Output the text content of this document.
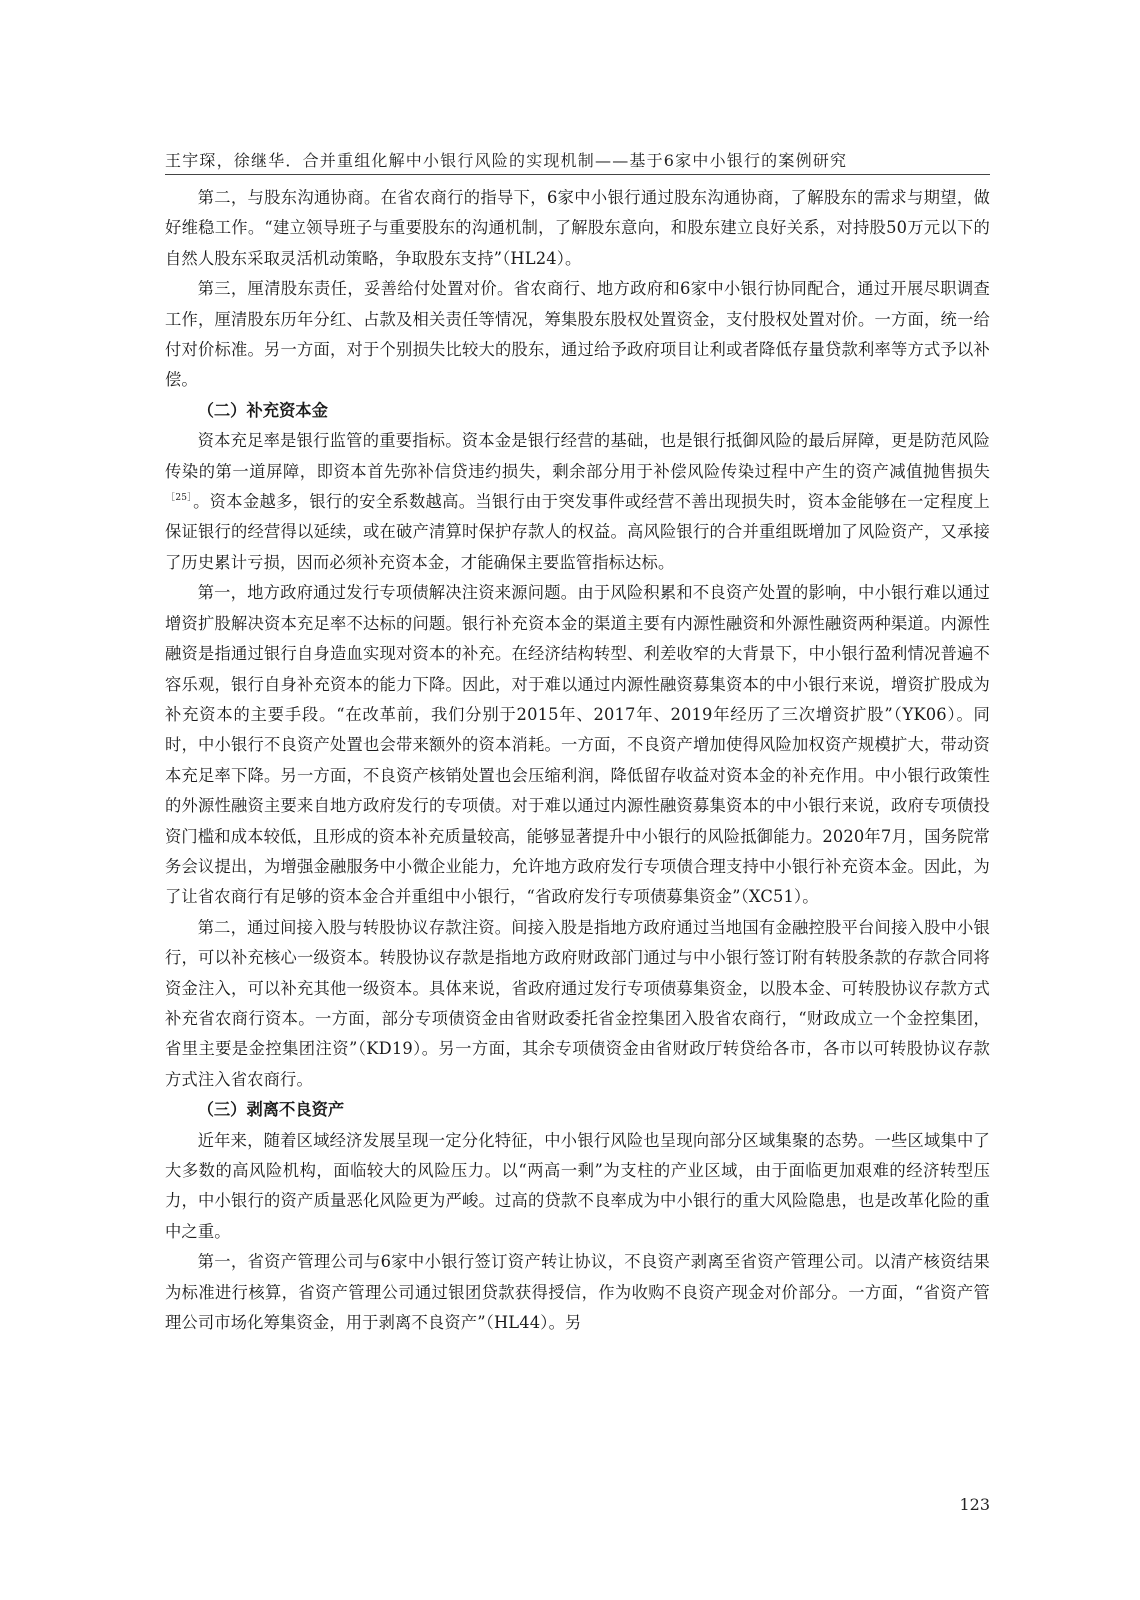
王宇琛，徐继华．合并重组化解中小银行风险的实现机制——基于6家中小银行的案例研究

第二，与股东沟通协商。在省农商行的指导下，6家中小银行通过股东沟通协商，了解股东的需求与期望，做好维稳工作。“建立领导班子与重要股东的沟通机制，了解股东意向，和股东建立良好关系，对持股50万元以下的自然人股东采取灵活机动策略，争取股东支持”（HL24）。

第三，厘清股东责任，妥善给付处置对价。省农商行、地方政府和6家中小银行协同配合，通过开展尽职调查工作，厘清股东历年分红、占款及相关责任等情况，筹集股东股权处置资金，支付股权处置对价。一方面，统一给付对价标准。另一方面，对于个别损失比较大的股东，通过给予政府项目让利或者降低存量贷款利率等方式予以补偿。

（二）补充资本金

资本充足率是银行监管的重要指标。资本金是银行经营的基础，也是银行抵御风险的最后屏障，更是防范风险传染的第一道屏障，即资本首先弥补信贷违约损失，剩余部分用于补偿风险传染过程中产生的资产减值抛售损失$^{[25]}$。资本金越多，银行的安全系数越高。当银行由于突发事件或经营不善出现损失时，资本金能够在一定程度上保证银行的经营得以延续，或在破产清算时保护存款人的权益。高风险银行的合并重组既增加了风险资产，又承接了历史累计亏损，因而必须补充资本金，才能确保主要监管指标达标。

第一，地方政府通过发行专项债解决注资来源问题。由于风险积累和不良资产处置的影响，中小银行难以通过增资扩股解决资本充足率不达标的问题。银行补充资本金的渠道主要有内源性融资和外源性融资两种渠道。内源性融资是指通过银行自身造血实现对资本的补充。在经济结构转型、利差收窄的大背景下，中小银行盈利情况普遍不容乐观，银行自身补充资本的能力下降。因此，对于难以通过内源性融资募集资本的中小银行来说，增资扩股成为补充资本的主要手段。“在改革前，我们分别于2015年、2017年、2019年经历了三次增资扩股”（YK06）。同时，中小银行不良资产处置也会带来额外的资本消耗。一方面，不良资产增加使得风险加权资产规模扩大，带动资本充足率下降。另一方面，不良资产核销处置也会压缩利润，降低留存收益对资本金的补充作用。中小银行政策性的外源性融资主要来自地方政府发行的专项债。对于难以通过内源性融资募集资本的中小银行来说，政府专项债投资门槛和成本较低，且形成的资本补充质量较高，能够显著提升中小银行的风险抵御能力。2020年7月，国务院常务会议提出，为增强金融服务中小微企业能力，允许地方政府发行专项债合理支持中小银行补充资本金。因此，为了让省农商行有足够的资本金合并重组中小银行，“省政府发行专项债募集资金”（XC51）。

第二，通过间接入股与转股协议存款注资。间接入股是指地方政府通过当地国有金融控股平台间接入股中小银行，可以补充核心一级资本。转股协议存款是指地方政府财政部门通过与中小银行签订附有转股条款的存款合同将资金注入，可以补充其他一级资本。具体来说，省政府通过发行专项债募集资金，以股本金、可转股协议存款方式补充省农商行资本。一方面，部分专项债资金由省财政委托省金控集团入股省农商行，“财政成立一个金控集团，省里主要是金控集团注资”（KD19）。另一方面，其余专项债资金由省财政厅转贷给各市，各市以可转股协议存款方式注入省农商行。

（三）剥离不良资产

近年来，随着区域经济发展呈现一定分化特征，中小银行风险也呈现向部分区域集聚的态势。一些区域集中了大多数的高风险机构，面临较大的风险压力。以“两高一剩”为支柱的产业区域，由于面临更加艰难的经济转型压力，中小银行的资产质量恶化风险更为严峻。过高的贷款不良率成为中小银行的重大风险隐患，也是改革化险的重中之重。

第一，省资产管理公司与6家中小银行签订资产转让协议，不良资产剥离至省资产管理公司。以清产核资结果为标准进行核算，省资产管理公司通过银团贷款获得授信，作为收购不良资产现金对价部分。一方面，“省资产管理公司市场化筹集资金，用于剥离不良资产”（HL44）。另

123
